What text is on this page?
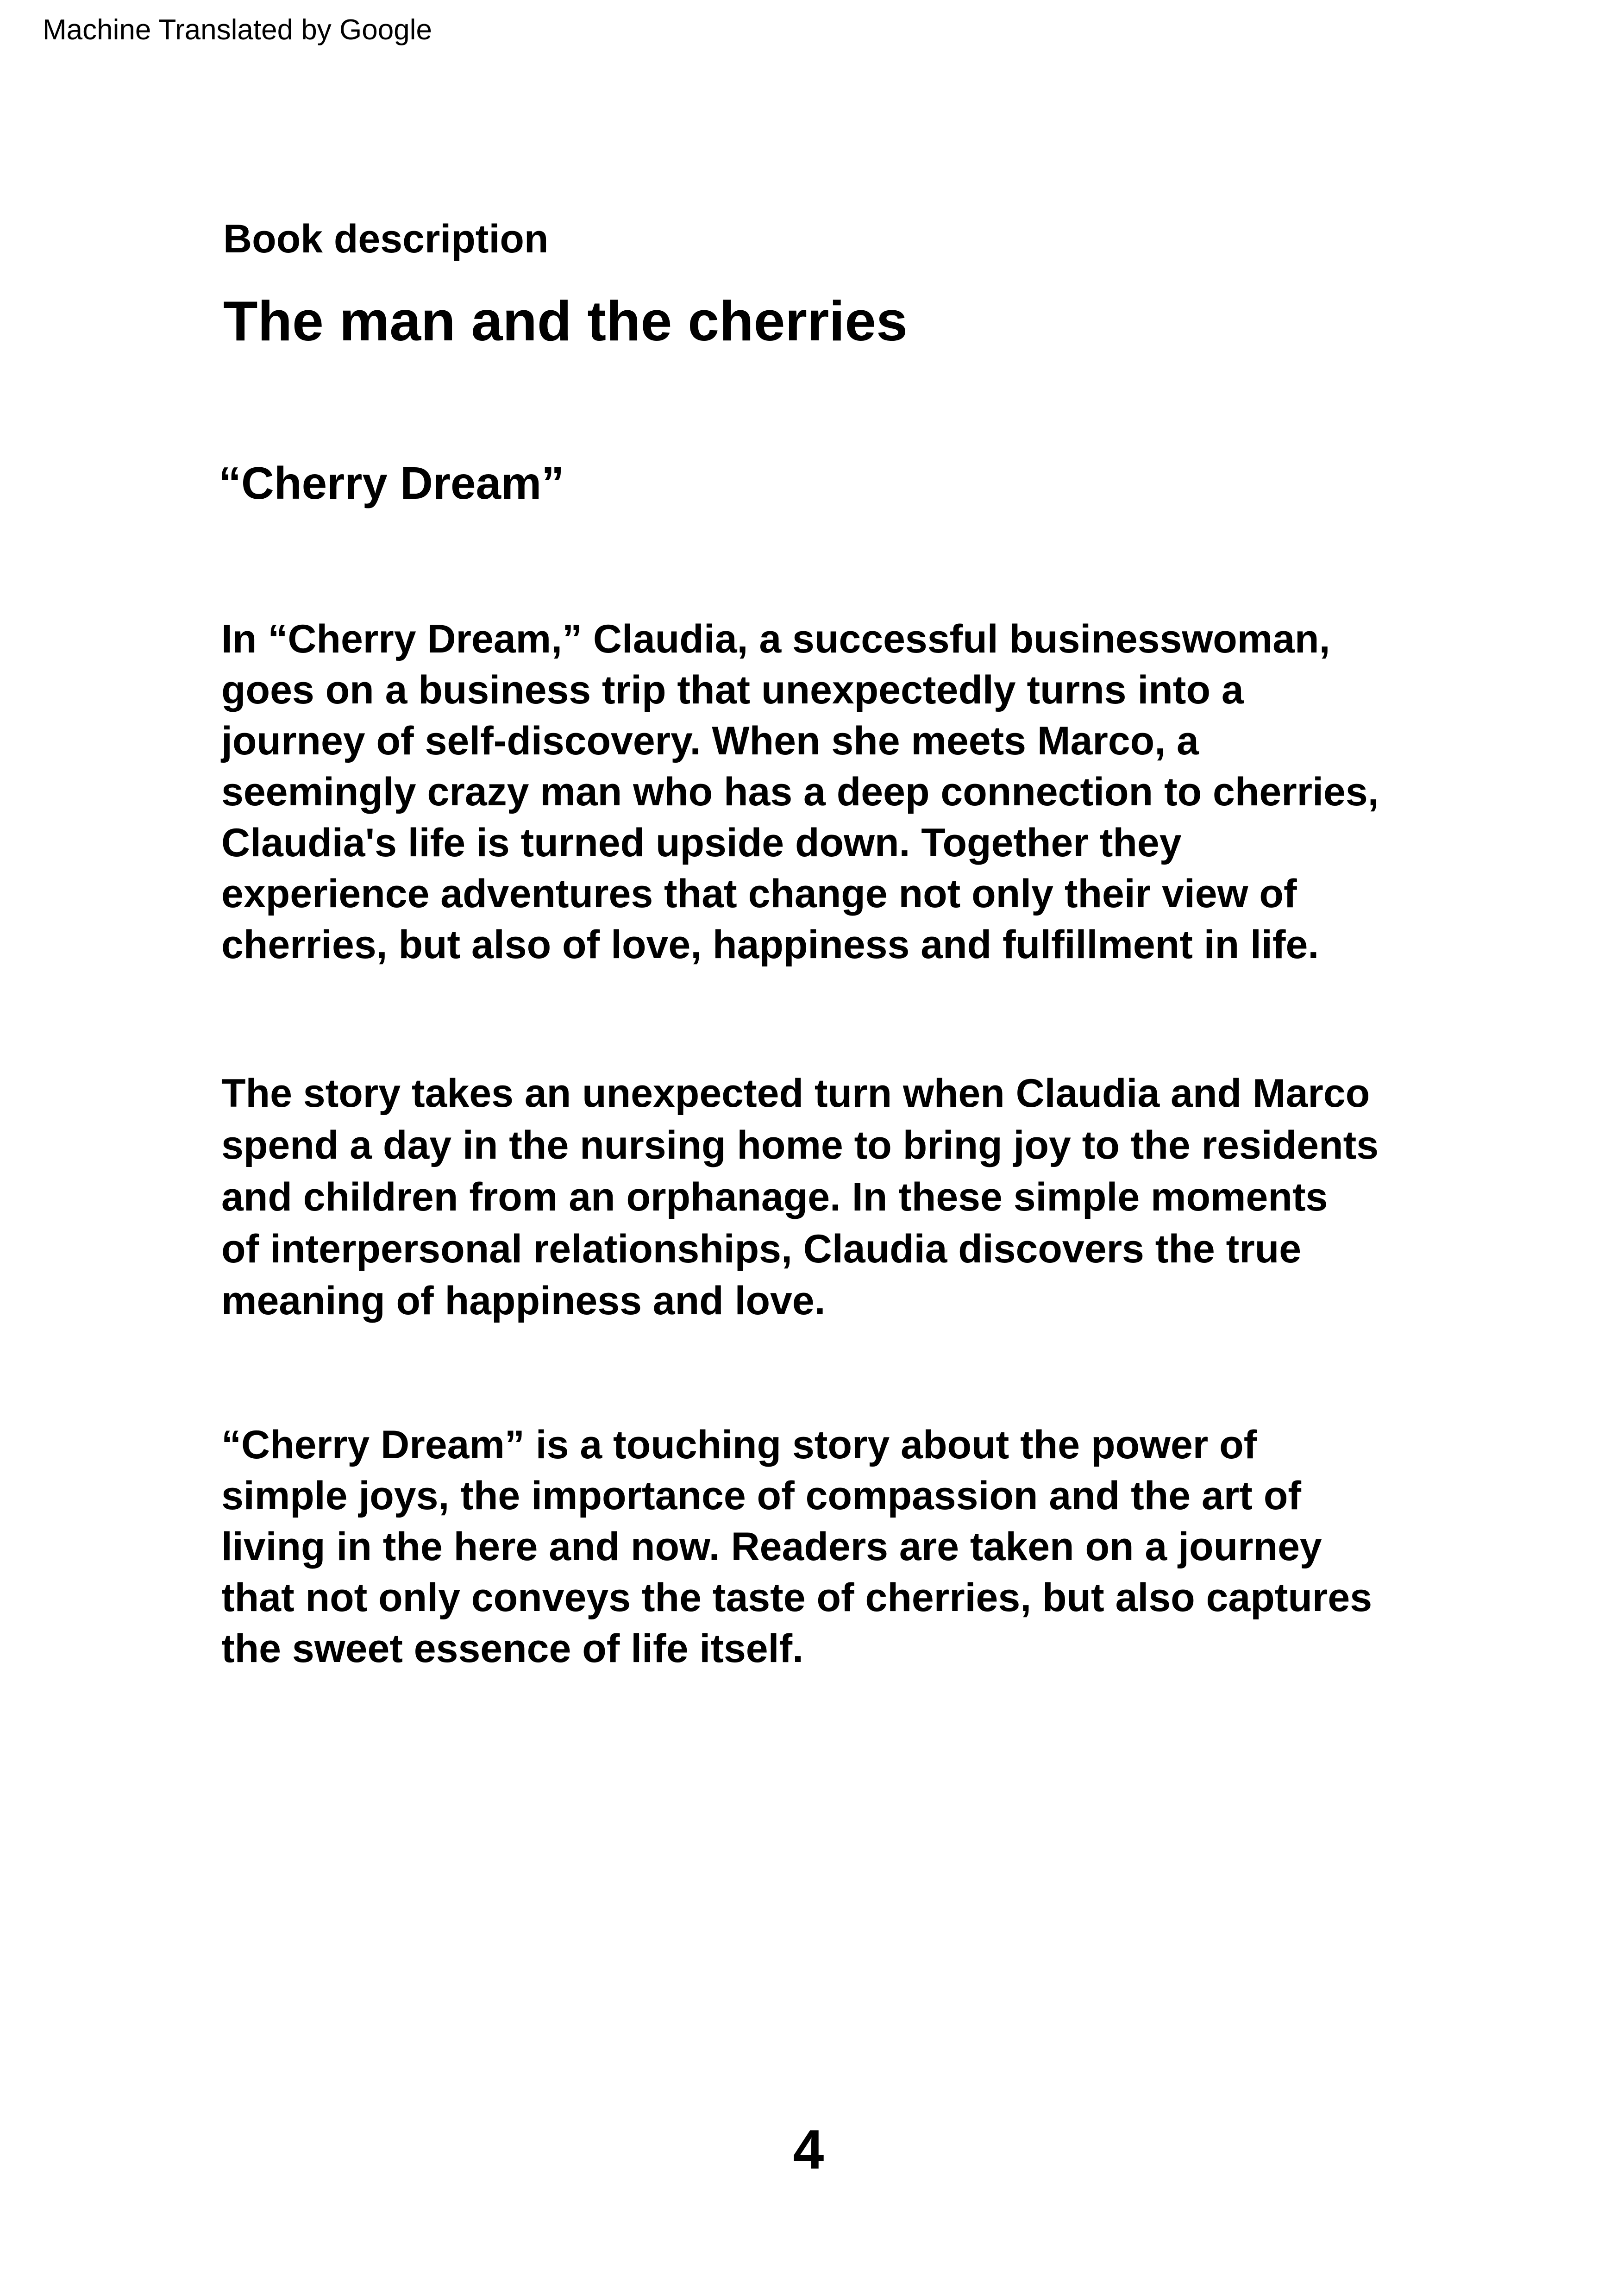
Machine Translated by Google
Book description
The man and the cherries
“Cherry Dream”
In “Cherry Dream,” Claudia, a successful businesswoman,
goes on a business trip that unexpectedly turns into a
journey of self-discovery. When she meets Marco, a
seemingly crazy man who has a deep connection to cherries,
Claudia's life is turned upside down. Together they
experience adventures that change not only their view of
cherries, but also of love, happiness and fulfillment in life.
The story takes an unexpected turn when Claudia and Marco
spend a day in the nursing home to bring joy to the residents
and children from an orphanage. In these simple moments
of interpersonal relationships, Claudia discovers the true
meaning of happiness and love.
“Cherry Dream” is a touching story about the power of
simple joys, the importance of compassion and the art of
living in the here and now. Readers are taken on a journey
that not only conveys the taste of cherries, but also captures
the sweet essence of life itself.
4
